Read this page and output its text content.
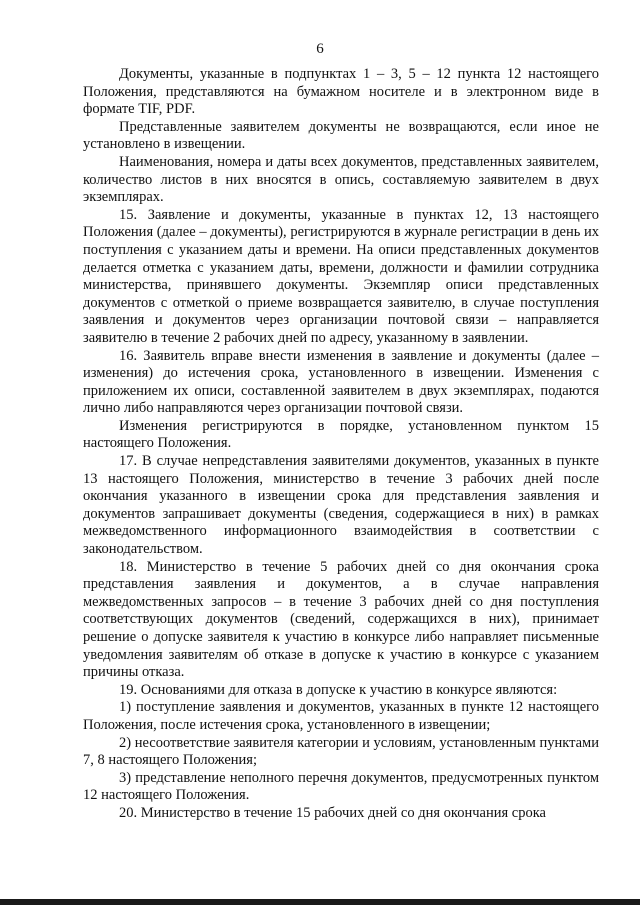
6

Документы, указанные в подпунктах 1 – 3, 5 – 12 пункта 12 настоящего Положения, представляются на бумажном носителе и в электронном виде в формате TIF, PDF.

Представленные заявителем документы не возвращаются, если иное не установлено в извещении.

Наименования, номера и даты всех документов, представленных заявителем, количество листов в них вносятся в опись, составляемую заявителем в двух экземплярах.

15. Заявление и документы, указанные в пунктах 12, 13 настоящего Положения (далее – документы), регистрируются в журнале регистрации в день их поступления с указанием даты и времени. На описи представленных документов делается отметка с указанием даты, времени, должности и фамилии сотрудника министерства, принявшего документы. Экземпляр описи представленных документов с отметкой о приеме возвращается заявителю, в случае поступления заявления и документов через организации почтовой связи – направляется заявителю в течение 2 рабочих дней по адресу, указанному в заявлении.

16. Заявитель вправе внести изменения в заявление и документы (далее – изменения) до истечения срока, установленного в извещении. Изменения с приложением их описи, составленной заявителем в двух экземплярах, подаются лично либо направляются через организации почтовой связи.

Изменения регистрируются в порядке, установленном пунктом 15 настоящего Положения.

17. В случае непредставления заявителями документов, указанных в пункте 13 настоящего Положения, министерство в течение 3 рабочих дней после окончания указанного в извещении срока для представления заявления и документов запрашивает документы (сведения, содержащиеся в них) в рамках межведомственного информационного взаимодействия в соответствии с законодательством.

18. Министерство в течение 5 рабочих дней со дня окончания срока представления заявления и документов, а в случае направления межведомственных запросов – в течение 3 рабочих дней со дня поступления соответствующих документов (сведений, содержащихся в них), принимает решение о допуске заявителя к участию в конкурсе либо направляет письменные уведомления заявителям об отказе в допуске к участию в конкурсе с указанием причины отказа.

19. Основаниями для отказа в допуске к участию в конкурсе являются:

1) поступление заявления и документов, указанных в пункте 12 настоящего Положения, после истечения срока, установленного в извещении;

2) несоответствие заявителя категории и условиям, установленным пунктами 7, 8 настоящего Положения;

3) представление неполного перечня документов, предусмотренных пунктом 12 настоящего Положения.

20. Министерство в течение 15 рабочих дней со дня окончания срока
